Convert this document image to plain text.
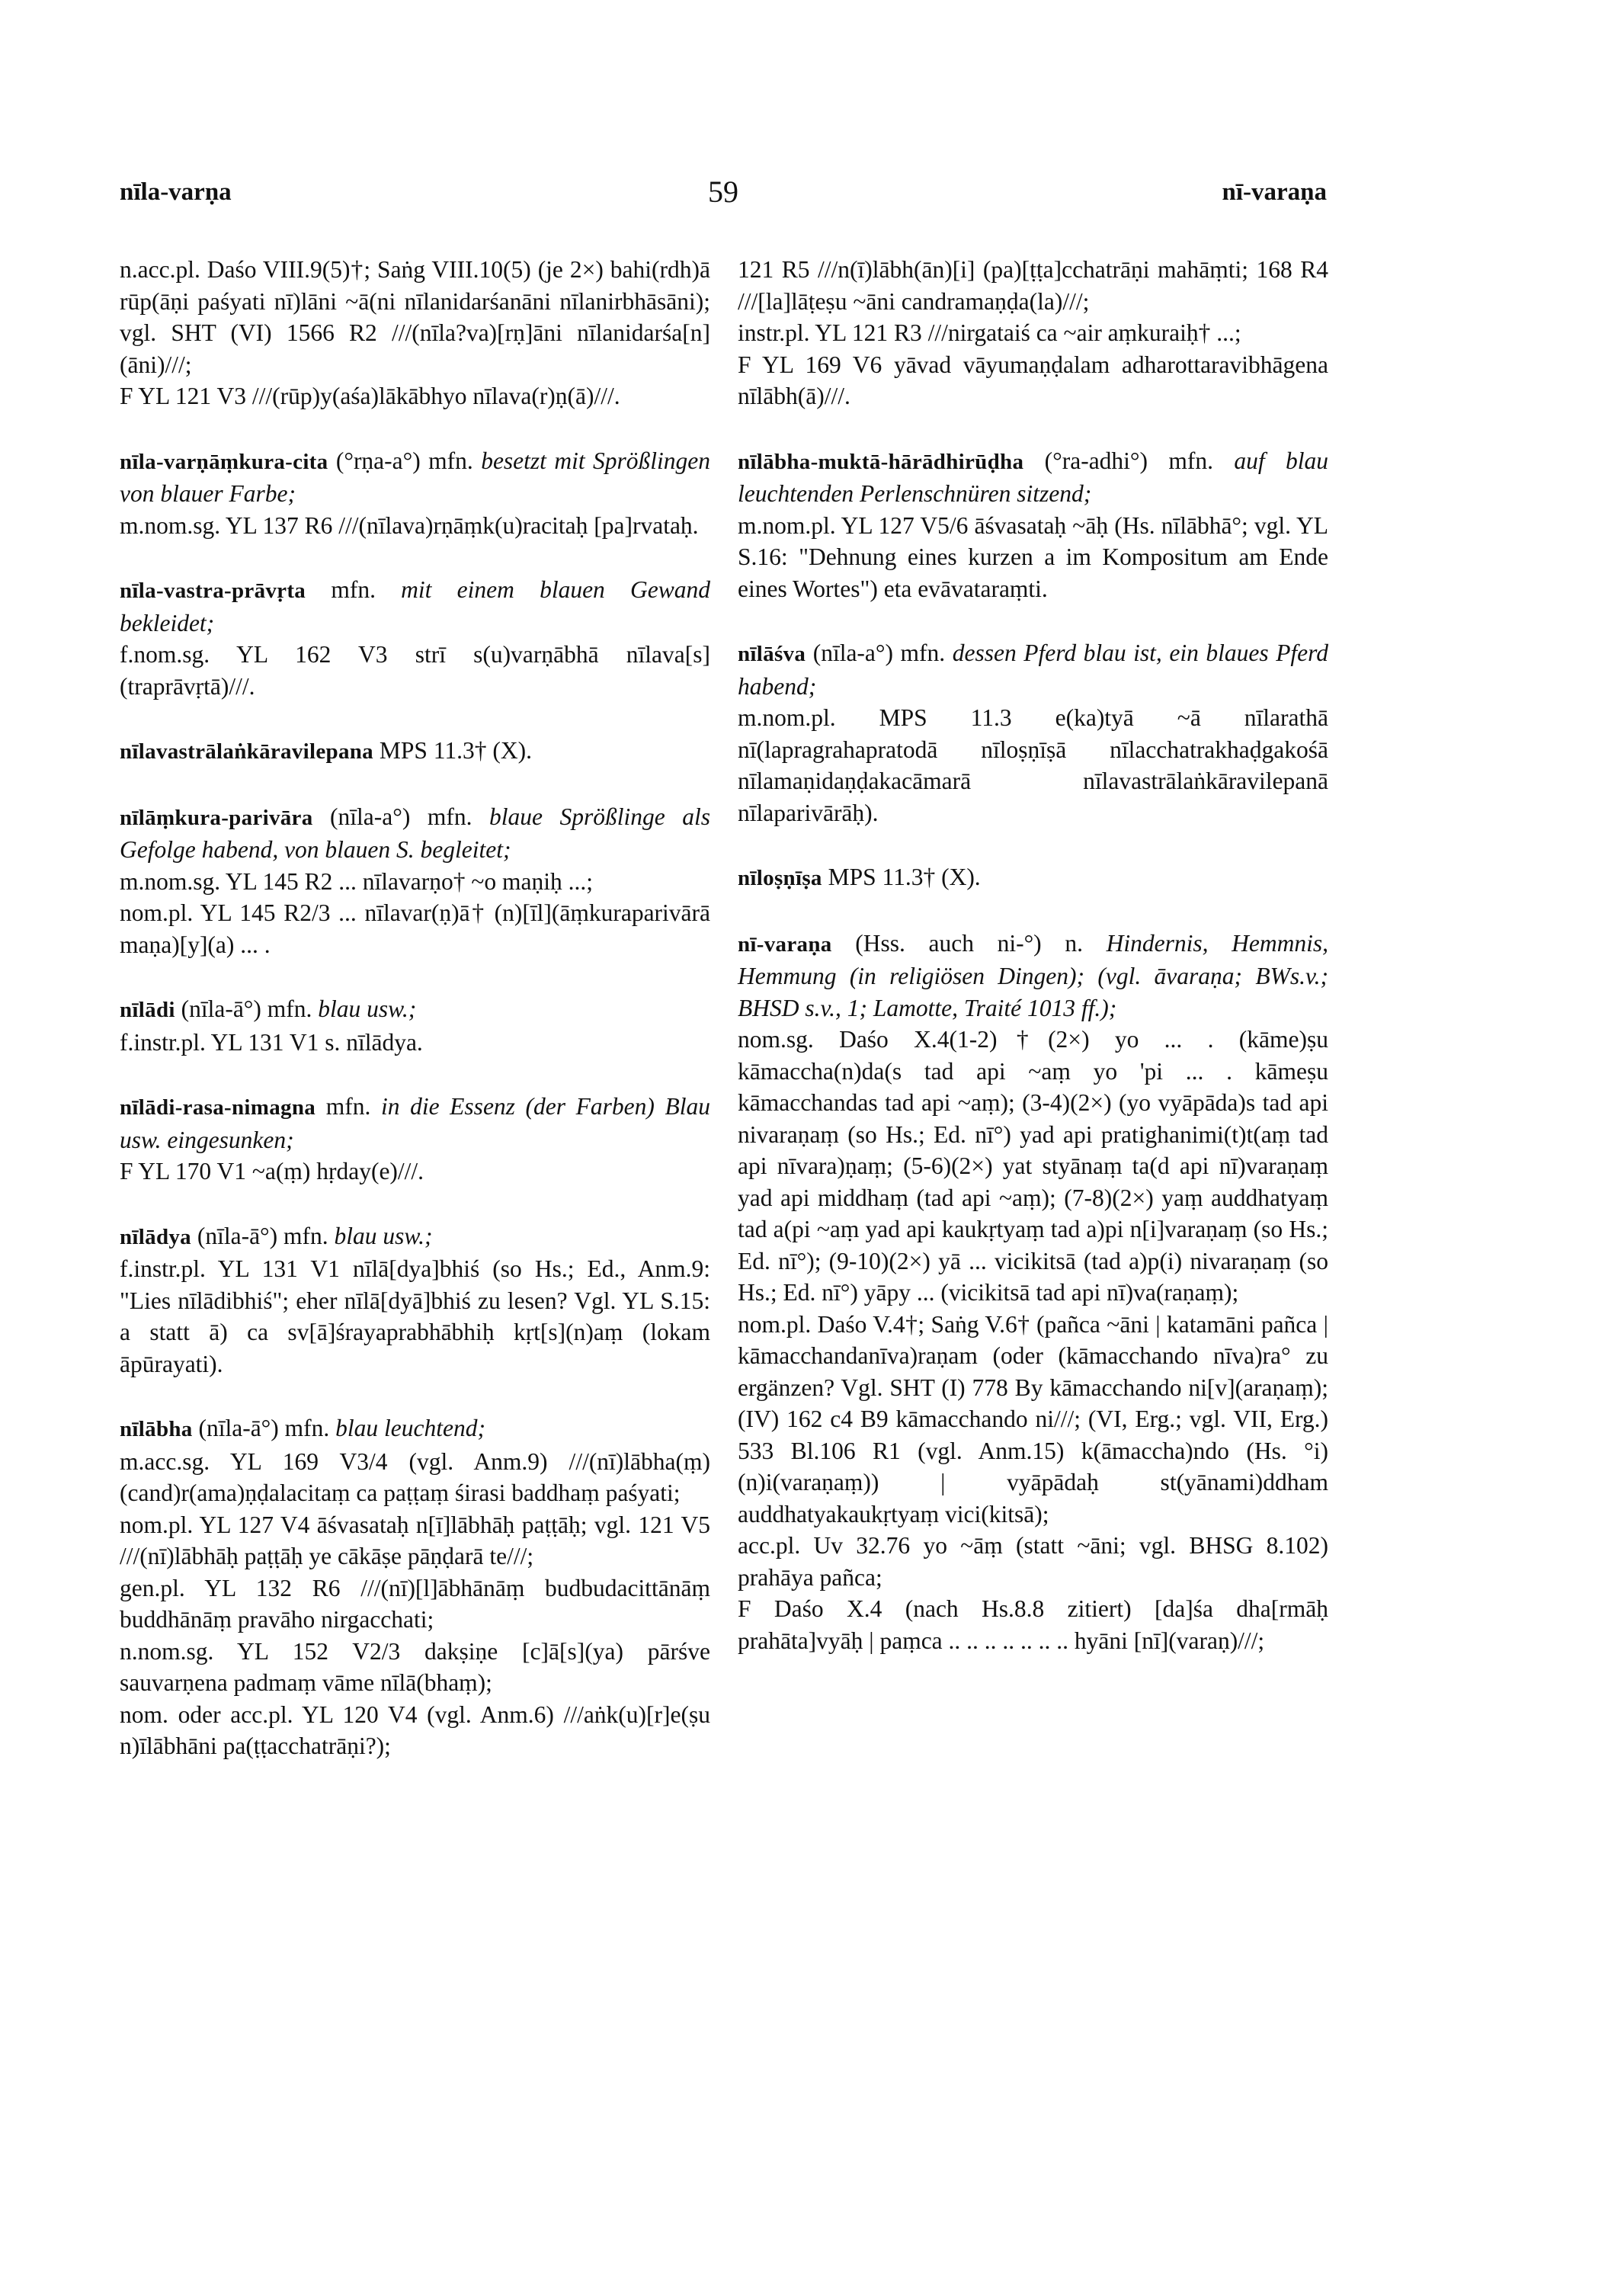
nīla-varṇa	59	nī-varaṇa

n.acc.pl. Daśo VIII.9(5)†; Saṅg VIII.10(5) (je 2×) bahi(rdh)ā rūp(āṇi paśyati nī)lāni ~ā(ni nīlanidarśanāni nīlanirbhāsāni); vgl. SHT (VI) 1566 R2 ///(nīla?va)[rṇ]āni nīlanidarśa[n](āni)///;

F YL 121 V3 ///(rūp)y(aśa)lākābhyo nīlava(r)ṇ(ā)///.

nīla-varṇāṃkura-cita (°rṇa-a°) mfn. besetzt mit Sprößlingen von blauer Farbe;

m.nom.sg. YL 137 R6 ///(nīlava)rṇāṃk(u)racitaḥ [pa]rvataḥ.

nīla-vastra-prāvṛta mfn. mit einem blauen Gewand bekleidet;

f.nom.sg. YL 162 V3 strī s(u)varṇābhā nīlava[s](traprāvṛtā)///.

nīlavastrālaṅkāravilepana MPS 11.3† (X).

nīlāṃkura-parivāra (nīla-a°) mfn. blaue Sprößlinge als Gefolge habend, von blauen S. begleitet;

m.nom.sg. YL 145 R2 ... nīlavarṇo† ~o maṇiḥ ...;

nom.pl. YL 145 R2/3 ... nīlavar(ṇ)ā† (n)[īl](āṃkuraparivārā maṇa)[y](a) ... .

nīlādi (nīla-ā°) mfn. blau usw.;

f.instr.pl. YL 131 V1 s. nīlādya.

nīlādi-rasa-nimagna mfn. in die Essenz (der Farben) Blau usw. eingesunken;

F YL 170 V1 ~a(ṃ) hṛday(e)///.

nīlādya (nīla-ā°) mfn. blau usw.;

f.instr.pl. YL 131 V1 nīlā[dya]bhiś (so Hs.; Ed., Anm.9: "Lies nīlādibhiś"; eher nīlā[dyā]bhiś zu lesen? Vgl. YL S.15: a statt ā) ca sv[ā]śrayaprabhābhiḥ kṛt[s](n)aṃ (lokam āpūrayati).

nīlābha (nīla-ā°) mfn. blau leuchtend;

m.acc.sg. YL 169 V3/4 (vgl. Anm.9) ///(nī)lābha(ṃ) (cand)r(ama)ṇḍalacitaṃ ca paṭṭaṃ śirasi baddhaṃ paśyati;

nom.pl. YL 127 V4 āśvasataḥ n[ī]lābhāḥ paṭṭāḥ; vgl. 121 V5 ///(nī)lābhāḥ paṭṭāḥ ye cākāṣe pāṇḍarā te///;

gen.pl. YL 132 R6 ///(nī)[l]ābhānāṃ budbudacittānāṃ buddhānāṃ pravāho nirgacchati;

n.nom.sg. YL 152 V2/3 dakṣiṇe [c]ā[s](ya) pārśve sauvarṇena padmaṃ vāme nīlā(bhaṃ);

nom. oder acc.pl. YL 120 V4 (vgl. Anm.6) ///aṅk(u)[r]e(ṣu n)īlābhāni pa(ṭṭacchatrāṇi?);

121 R5 ///n(ī)lābh(ān)[i] (pa)[ṭṭa]cchatrāṇi mahāṃti; 168 R4 ///[la]lāṭeṣu ~āni candramaṇḍa(la)///;

instr.pl. YL 121 R3 ///nirgataiś ca ~air aṃkuraiḥ† ...;

F YL 169 V6 yāvad vāyumaṇḍalam adharottaravibhāgena nīlābh(ā)///.

nīlābha-muktā-hārādhirūḍha (°ra-adhi°) mfn. auf blau leuchtenden Perlenschnüren sitzend;

m.nom.pl. YL 127 V5/6 āśvasataḥ ~āḥ (Hs. nīlābhā°; vgl. YL S.16: "Dehnung eines kurzen a im Kompositum am Ende eines Wortes") eta evāvataraṃti.

nīlāśva (nīla-a°) mfn. dessen Pferd blau ist, ein blaues Pferd habend;

m.nom.pl. MPS 11.3 e(ka)tyā ~ā nīlarathā nī(lapragrahapratodā nīloṣṇīṣā nīlacchatrakhaḍgakośā nīlamaṇidaṇḍakacāmarā nīlavastrālaṅkāravilepanā nīlaparivārāḥ).

nīloṣṇīṣa MPS 11.3† (X).

nī-varaṇa (Hss. auch ni-°) n. Hindernis, Hemmnis, Hemmung (in religiösen Dingen); (vgl. āvaraṇa; BWs.v.; BHSD s.v., 1; Lamotte, Traité 1013 ff.);

nom.sg. Daśo X.4(1-2)†(2×) yo ... . (kāme)ṣu kāmaccha(n)da(s tad api ~aṃ yo 'pi ... . kāmeṣu kāmacchandas tad api ~aṃ); (3-4)(2×) (yo vyāpāda)s tad api nivaraṇaṃ (so Hs.; Ed. nī°) yad api pratighanimi(t)t(aṃ tad api nīvara)ṇaṃ; (5-6)(2×) yat styānaṃ ta(d api nī)varaṇaṃ yad api middhaṃ (tad api ~aṃ); (7-8)(2×) yaṃ auddhatyaṃ tad a(pi ~aṃ yad api kaukṛtyaṃ tad a)pi n[i]varaṇaṃ (so Hs.; Ed. nī°); (9-10)(2×) yā ... vicikitsā (tad a)p(i) nivaraṇaṃ (so Hs.; Ed. nī°) yāpy ... (vicikitsā tad api nī)va(raṇaṃ);

nom.pl. Daśo V.4†; Saṅg V.6† (pañca ~āni | katamāni pañca | kāmacchandanīva)raṇam (oder (kāmacchando nīva)ra° zu ergänzen? Vgl. SHT (I) 778 By kāmacchando ni[v](araṇaṃ); (IV) 162 c4 B9 kāmacchando ni///; (VI, Erg.; vgl. VII, Erg.) 533 Bl.106 R1 (vgl. Anm.15) k(āmaccha)ndo (Hs. °i) (n)i(varaṇaṃ)) | vyāpādaḥ st(yānami)ddham auddhatyakaukṛtyaṃ vici(kitsā);

acc.pl. Uv 32.76 yo ~āṃ (statt ~āni; vgl. BHSG 8.102) prahāya pañca;

F Daśo X.4 (nach Hs.8.8 zitiert) [da]śa dha[rmāḥ prahāta]vyāḥ | paṃca .. .. .. .. .. .. .. hyāni [nī](varaṇ)///;
